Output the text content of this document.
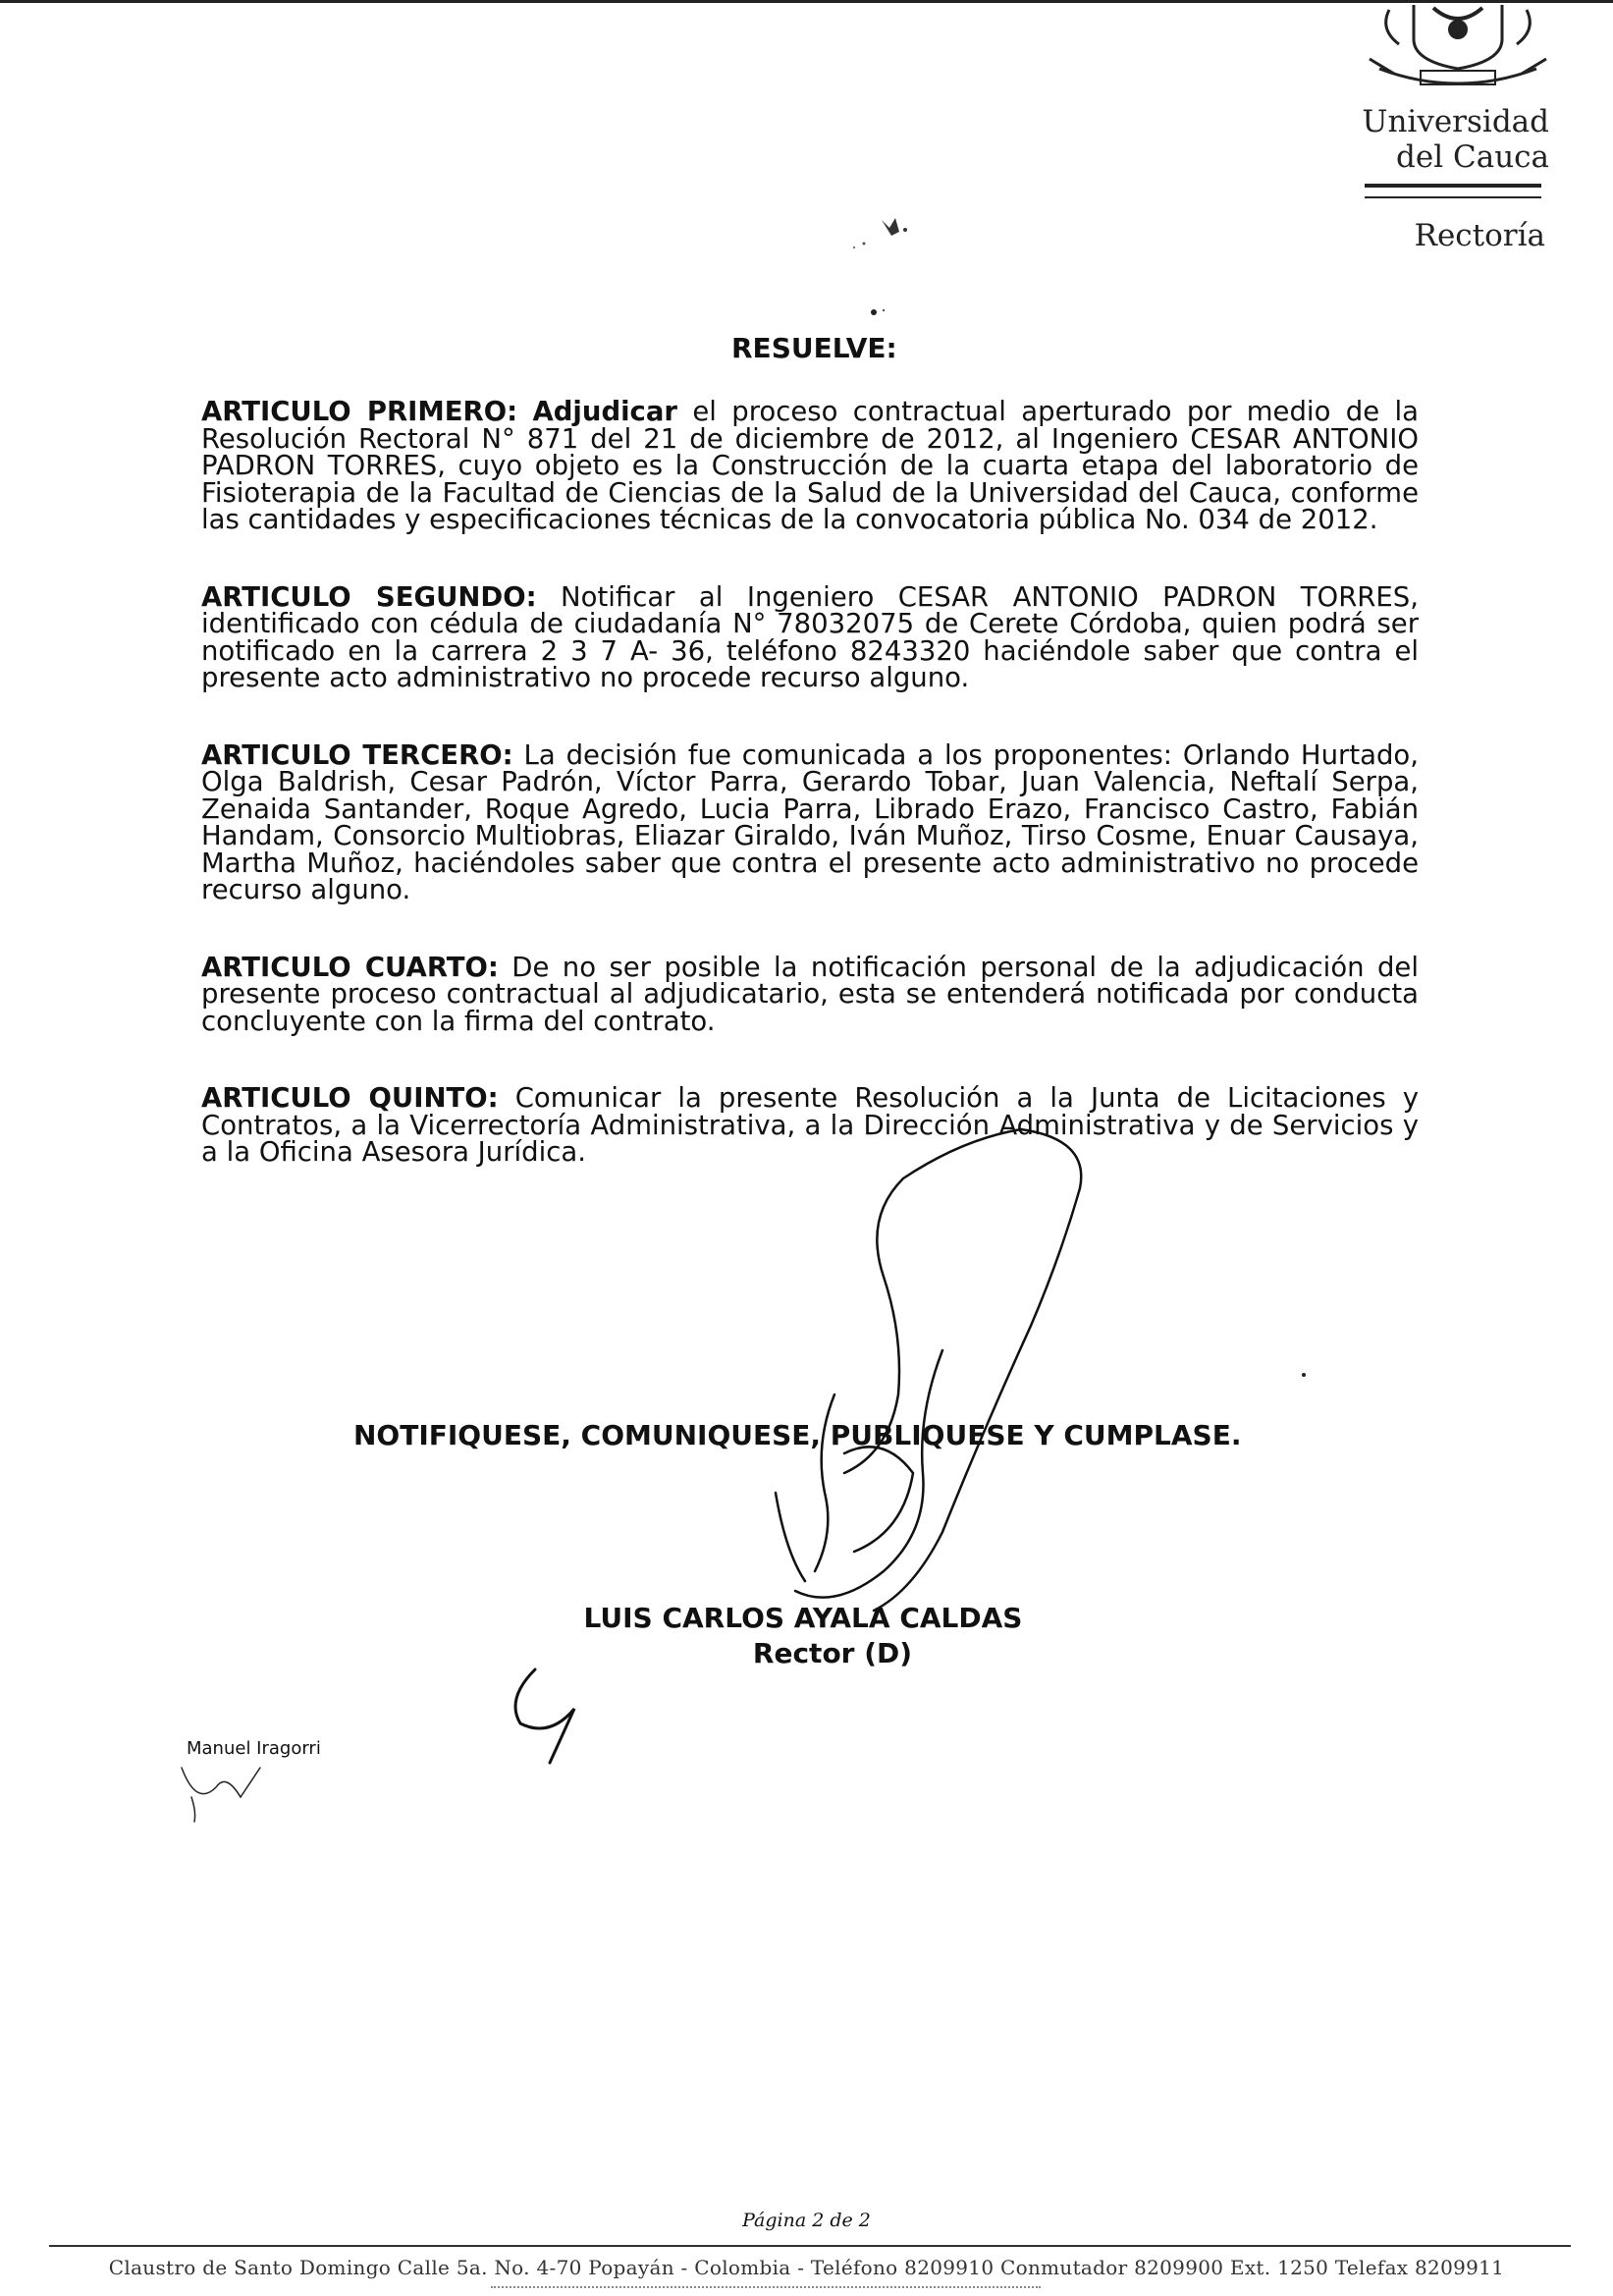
Universidad
del Cauca
Rectoría
RESUELVE:

ARTICULO PRIMERO: Adjudicar el proceso contractual aperturado por medio de la Resolución Rectoral N° 871 del 21 de diciembre de 2012, al Ingeniero CESAR ANTONIO PADRON TORRES, cuyo objeto es la Construcción de la cuarta etapa del laboratorio de Fisioterapia de la Facultad de Ciencias de la Salud de la Universidad del Cauca, conforme las cantidades y especificaciones técnicas de la convocatoria pública No. 034 de 2012.

ARTICULO SEGUNDO: Notificar al Ingeniero CESAR ANTONIO PADRON TORRES, identificado con cédula de ciudadanía N° 78032075 de Cerete Córdoba, quien podrá ser notificado en la carrera 2 3 7 A- 36, teléfono 8243320 haciéndole saber que contra el presente acto administrativo no procede recurso alguno.

ARTICULO TERCERO: La decisión fue comunicada a los proponentes: Orlando Hurtado, Olga Baldrish, Cesar Padrón, Víctor Parra, Gerardo Tobar, Juan Valencia, Neftalí Serpa, Zenaida Santander, Roque Agredo, Lucia Parra, Librado Erazo, Francisco Castro, Fabián Handam, Consorcio Multiobras, Eliazar Giraldo, Iván Muñoz, Tirso Cosme, Enuar Causaya, Martha Muñoz, haciéndoles saber que contra el presente acto administrativo no procede recurso alguno.

ARTICULO CUARTO: De no ser posible la notificación personal de la adjudicación del presente proceso contractual al adjudicatario, esta se entenderá notificada por conducta concluyente con la firma del contrato.

ARTICULO QUINTO: Comunicar la presente Resolución a la Junta de Licitaciones y Contratos, a la Vicerrectoría Administrativa, a la Dirección Administrativa y de Servicios y a la Oficina Asesora Jurídica.

NOTIFIQUESE, COMUNIQUESE, PUBLIQUESE Y CUMPLASE.
LUIS CARLOS AYALA CALDAS
Rector (D)
Manuel Iragorri
Página 2 de 2
Claustro de Santo Domingo Calle 5a. No. 4-70 Popayán - Colombia - Teléfono 8209910 Conmutador 8209900 Ext. 1250 Telefax 8209911
